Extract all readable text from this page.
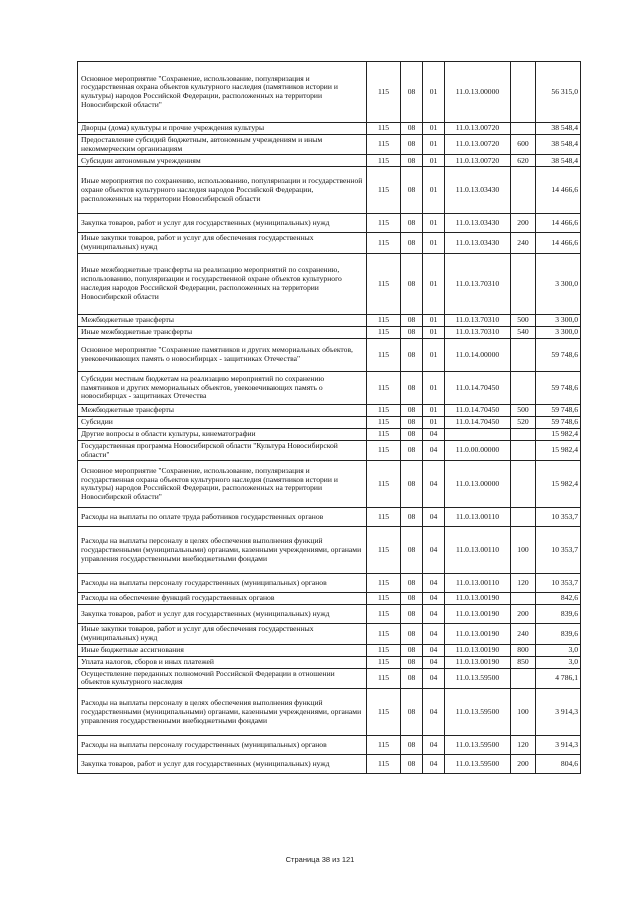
Основное мероприятие "Сохранение, использование, популяризация и государственная охрана объектов культурного наследия (памятников истории и культуры) народов Российской Федерации, расположенных на территории Новосибирской области"	115	08	01	11.0.13.00000		56 315,0
Дворцы (дома) культуры и прочие учреждения культуры	115	08	01	11.0.13.00720		38 548,4
Предоставление субсидий бюджетным, автономным учреждениям и иным некоммерческим организациям	115	08	01	11.0.13.00720	600	38 548,4
Субсидии автономным учреждениям	115	08	01	11.0.13.00720	620	38 548,4
Иные мероприятия по сохранению, использованию, популяризации и государственной охране объектов культурного наследия народов Российской Федерации, расположенных на территории Новосибирской области	115	08	01	11.0.13.03430		14 466,6
Закупка товаров, работ и услуг для государственных (муниципальных) нужд	115	08	01	11.0.13.03430	200	14 466,6
Иные закупки товаров, работ и услуг для обеспечения государственных (муниципальных) нужд	115	08	01	11.0.13.03430	240	14 466,6
Иные межбюджетные трансферты на реализацию мероприятий по сохранению, использованию, популяризации и государственной охране объектов культурного наследия народов Российской Федерации, расположенных на территории Новосибирской области	115	08	01	11.0.13.70310		3 300,0
Межбюджетные трансферты	115	08	01	11.0.13.70310	500	3 300,0
Иные межбюджетные трансферты	115	08	01	11.0.13.70310	540	3 300,0
Основное мероприятие "Сохранение памятников и других мемориальных объектов, увековечивающих память о новосибирцах - защитниках Отечества"	115	08	01	11.0.14.00000		59 748,6
Субсидии местным бюджетам на реализацию мероприятий по сохранению памятников и других мемориальных объектов, увековечивающих память о новосибирцах - защитниках Отечества	115	08	01	11.0.14.70450		59 748,6
Межбюджетные трансферты	115	08	01	11.0.14.70450	500	59 748,6
Субсидии	115	08	01	11.0.14.70450	520	59 748,6
Другие вопросы в области культуры, кинематографии	115	08	04			15 982,4
Государственная программа Новосибирской области "Культура Новосибирской области"	115	08	04	11.0.00.00000		15 982,4
Основное мероприятие "Сохранение, использование, популяризация и государственная охрана объектов культурного наследия (памятников истории и культуры) народов Российской Федерации, расположенных на территории Новосибирской области"	115	08	04	11.0.13.00000		15 982,4
Расходы на выплаты по оплате труда работников государственных органов	115	08	04	11.0.13.00110		10 353,7
Расходы на выплаты персоналу в целях обеспечения выполнения функций государственными (муниципальными) органами, казенными учреждениями, органами управления государственными внебюджетными фондами	115	08	04	11.0.13.00110	100	10 353,7
Расходы на выплаты персоналу государственных (муниципальных) органов	115	08	04	11.0.13.00110	120	10 353,7
Расходы на обеспечение функций государственных органов	115	08	04	11.0.13.00190		842,6
Закупка товаров, работ и услуг для государственных (муниципальных) нужд	115	08	04	11.0.13.00190	200	839,6
Иные закупки товаров, работ и услуг для обеспечения государственных (муниципальных) нужд	115	08	04	11.0.13.00190	240	839,6
Иные бюджетные ассигнования	115	08	04	11.0.13.00190	800	3,0
Уплата налогов, сборов и иных платежей	115	08	04	11.0.13.00190	850	3,0
Осуществление переданных полномочий Российской Федерации в отношении объектов культурного наследия	115	08	04	11.0.13.59500		4 786,1
Расходы на выплаты персоналу в целях обеспечения выполнения функций государственными (муниципальными) органами, казенными учреждениями, органами управления государственными внебюджетными фондами	115	08	04	11.0.13.59500	100	3 914,3
Расходы на выплаты персоналу государственных (муниципальных) органов	115	08	04	11.0.13.59500	120	3 914,3
Закупка товаров, работ и услуг для государственных (муниципальных) нужд	115	08	04	11.0.13.59500	200	804,6
Страница 38 из 121
